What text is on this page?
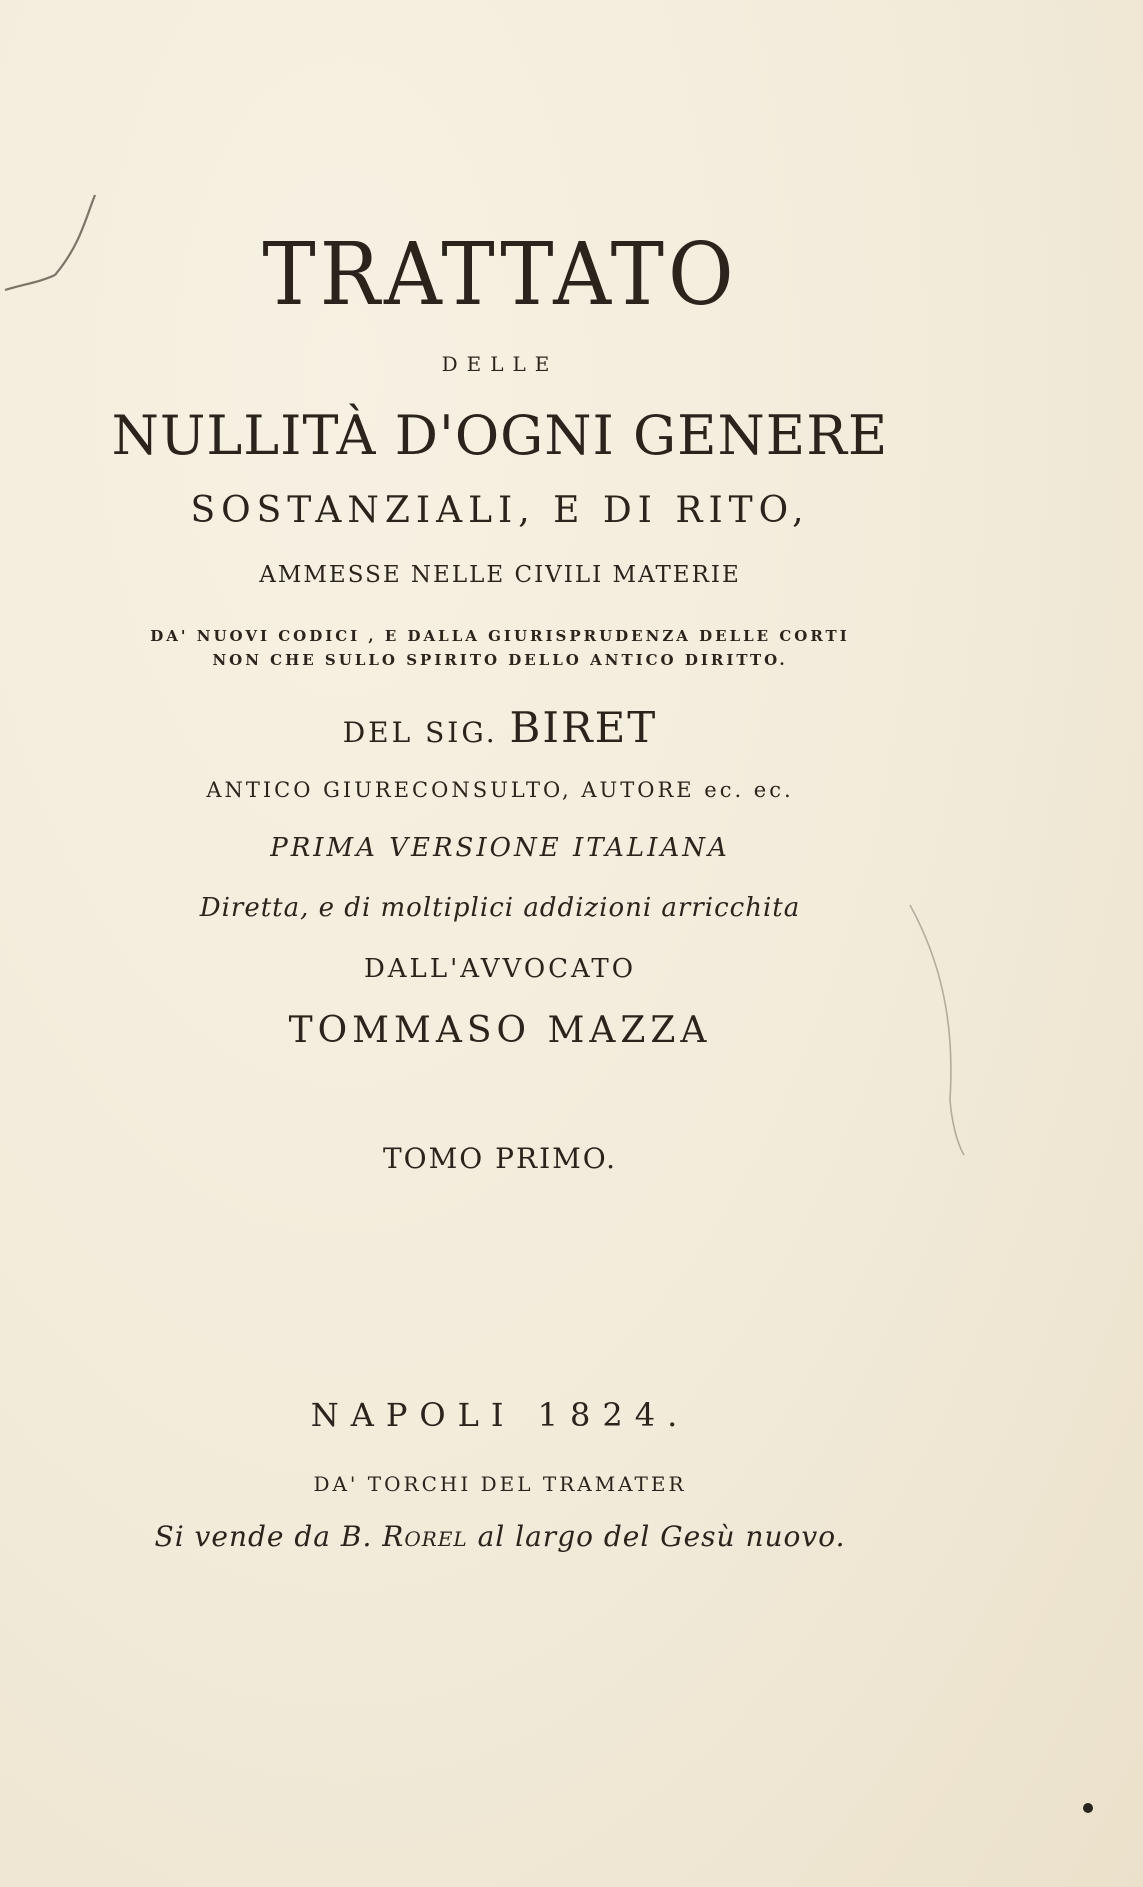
TRATTATO
DELLE
NULLITÀ D'OGNI GENERE
SOSTANZIALI, E DI RITO,
AMMESSE NELLE CIVILI MATERIE
DA' NUOVI CODICI , E DALLA GIURISPRUDENZA DELLE CORTI
NON CHE SULLO SPIRITO DELLO ANTICO DIRITTO.
DEL SIG. BIRET
ANTICO GIURECONSULTO, AUTORE ec. ec.
PRIMA VERSIONE ITALIANA
Diretta, e di moltiplici addizioni arricchita
DALL'AVVOCATO
TOMMASO MAZZA
TOMO PRIMO.
NAPOLI 1824.
DA' TORCHI DEL TRAMATER
Si vende da B. Rorel al largo del Gesù nuovo.
